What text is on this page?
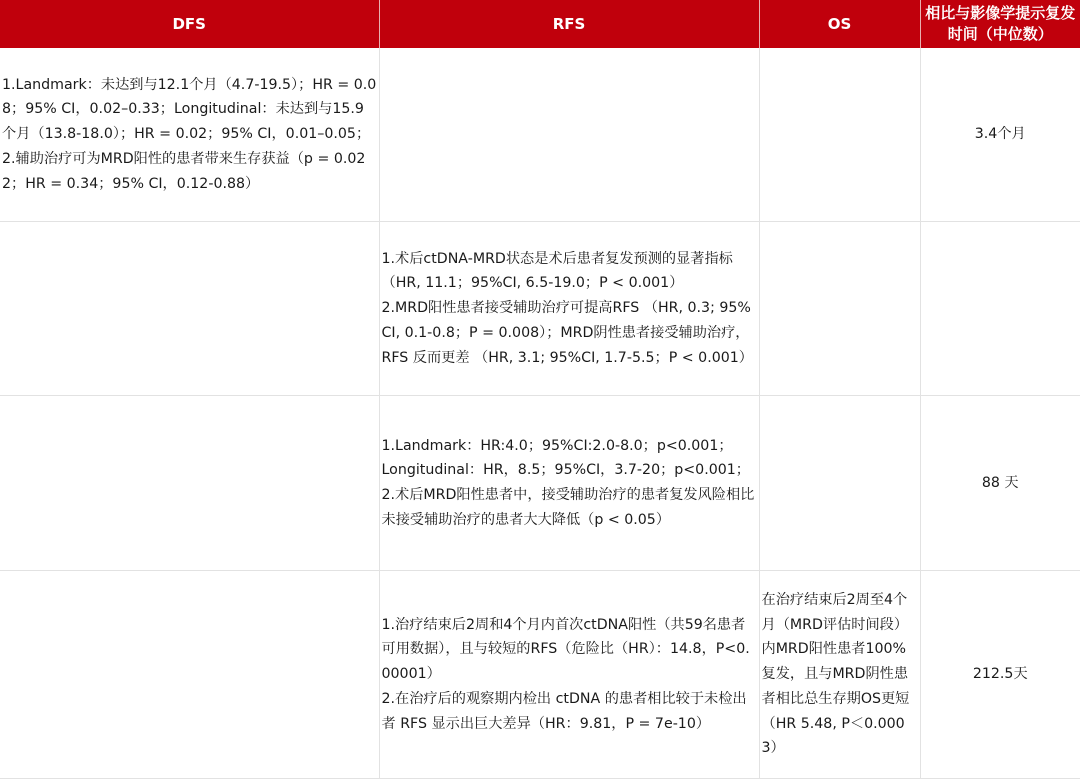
DFS	RFS	OS	相比与影像学提示复发时间（中位数）

1.Landmark：未达到与12.1个月（4.7-19.5）；HR = 0.08；95% CI，0.02–0.33；Longitudinal：未达到与15.9个月（13.8-18.0）；HR = 0.02；95% CI，0.01–0.05；
2.辅助治疗可为MRD阳性的患者带来生存获益（p = 0.022；HR = 0.34；95% CI，0.12-0.88）			3.4个月

	1.术后ctDNA-MRD状态是术后患者复发预测的显著指标（HR, 11.1；95%CI, 6.5-19.0；P < 0.001）
2.MRD阳性患者接受辅助治疗可提高RFS （HR, 0.3; 95%CI, 0.1-0.8；P = 0.008）；MRD阴性患者接受辅助治疗，RFS 反而更差 （HR, 3.1; 95%CI, 1.7-5.5；P < 0.001）		

	1.Landmark：HR:4.0；95%CI:2.0-8.0；p<0.001；
Longitudinal：HR，8.5；95%CI，3.7-20；p<0.001；
2.术后MRD阳性患者中，接受辅助治疗的患者复发风险相比未接受辅助治疗的患者大大降低（p < 0.05）		88 天

	1.治疗结束后2周和4个月内首次ctDNA阳性（共59名患者可用数据），且与较短的RFS（危险比（HR）：14.8，P<0.00001）
2.在治疗后的观察期内检出 ctDNA 的患者相比较于未检出者 RFS 显示出巨大差异（HR：9.81，P = 7e-10）	在治疗结束后2周至4个月（MRD评估时间段）内MRD阳性患者100%复发，且与MRD阴性患者相比总生存期OS更短（HR 5.48, P＜0.0003）	212.5天
